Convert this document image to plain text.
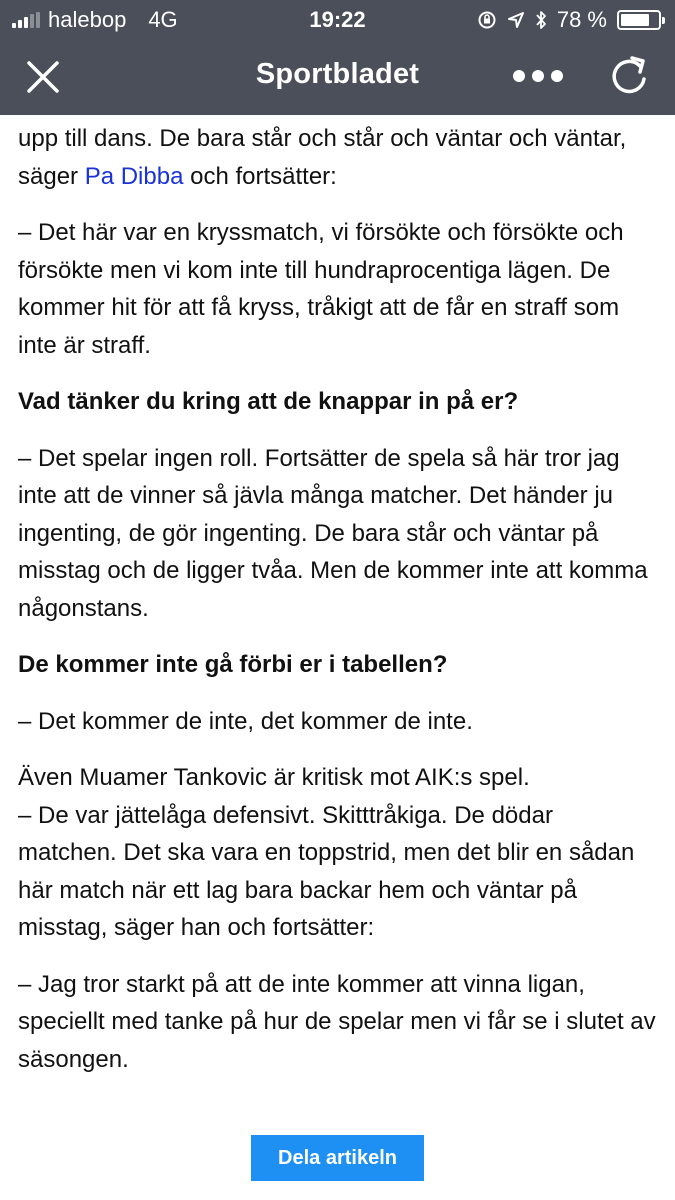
halebop 4G	19:22	78 %
Sportbladet

upp till dans. De bara står och står och väntar och väntar, säger Pa Dibba och fortsätter:

– Det här var en kryssmatch, vi försökte och försökte och försökte men vi kom inte till hundraprocentiga lägen. De kommer hit för att få kryss, tråkigt att de får en straff som inte är straff.

Vad tänker du kring att de knappar in på er?

– Det spelar ingen roll. Fortsätter de spela så här tror jag inte att de vinner så jävla många matcher. Det händer ju ingenting, de gör ingenting. De bara står och väntar på misstag och de ligger tvåa. Men de kommer inte att komma någonstans.

De kommer inte gå förbi er i tabellen?

– Det kommer de inte, det kommer de inte.

Även Muamer Tankovic är kritisk mot AIK:s spel.

– De var jättelåga defensivt. Skitttråkiga. De dödar matchen. Det ska vara en toppstrid, men det blir en sådan här match när ett lag bara backar hem och väntar på misstag, säger han och fortsätter:

– Jag tror starkt på att de inte kommer att vinna ligan, speciellt med tanke på hur de spelar men vi får se i slutet av säsongen.

Dela artikeln
